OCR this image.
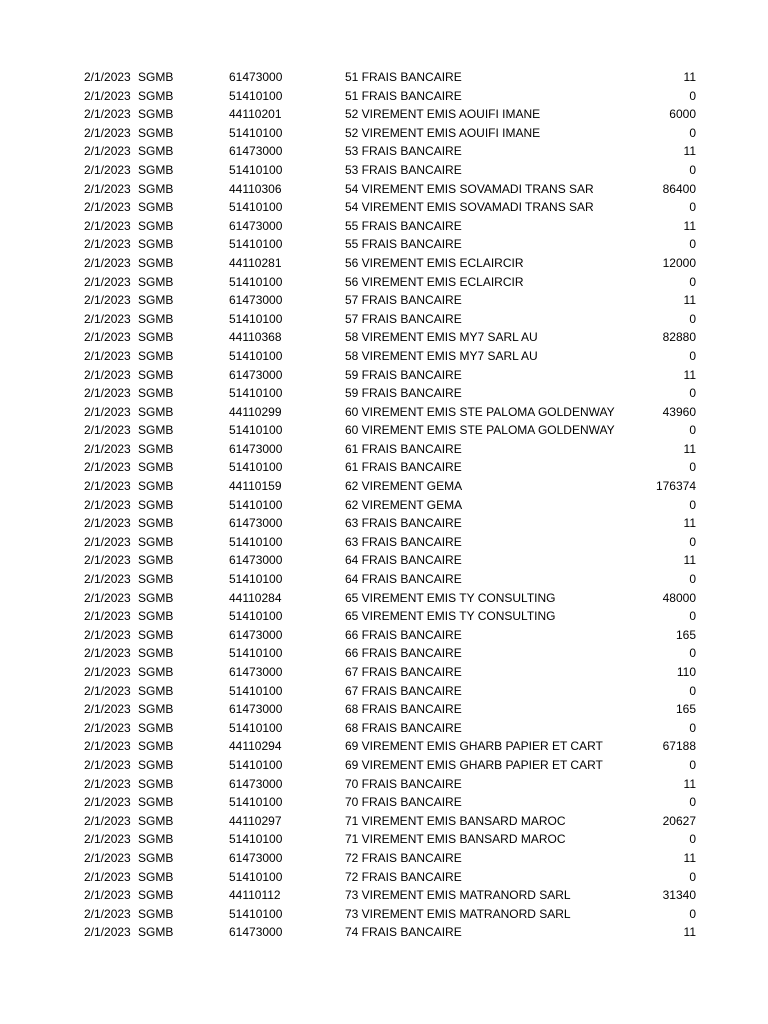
2/1/2023 SGMB	61473000	51 FRAIS BANCAIRE	11
2/1/2023 SGMB	51410100	51 FRAIS BANCAIRE	0
2/1/2023 SGMB	44110201	52 VIREMENT EMIS AOUIFI IMANE	6000
2/1/2023 SGMB	51410100	52 VIREMENT EMIS AOUIFI IMANE	0
2/1/2023 SGMB	61473000	53 FRAIS BANCAIRE	11
2/1/2023 SGMB	51410100	53 FRAIS BANCAIRE	0
2/1/2023 SGMB	44110306	54 VIREMENT EMIS SOVAMADI TRANS SAR	86400
2/1/2023 SGMB	51410100	54 VIREMENT EMIS SOVAMADI TRANS SAR	0
2/1/2023 SGMB	61473000	55 FRAIS BANCAIRE	11
2/1/2023 SGMB	51410100	55 FRAIS BANCAIRE	0
2/1/2023 SGMB	44110281	56 VIREMENT EMIS ECLAIRCIR	12000
2/1/2023 SGMB	51410100	56 VIREMENT EMIS ECLAIRCIR	0
2/1/2023 SGMB	61473000	57 FRAIS BANCAIRE	11
2/1/2023 SGMB	51410100	57 FRAIS BANCAIRE	0
2/1/2023 SGMB	44110368	58 VIREMENT EMIS MY7 SARL AU	82880
2/1/2023 SGMB	51410100	58 VIREMENT EMIS MY7 SARL AU	0
2/1/2023 SGMB	61473000	59 FRAIS BANCAIRE	11
2/1/2023 SGMB	51410100	59 FRAIS BANCAIRE	0
2/1/2023 SGMB	44110299	60 VIREMENT EMIS STE PALOMA GOLDENWAY	43960
2/1/2023 SGMB	51410100	60 VIREMENT EMIS STE PALOMA GOLDENWAY	0
2/1/2023 SGMB	61473000	61 FRAIS BANCAIRE	11
2/1/2023 SGMB	51410100	61 FRAIS BANCAIRE	0
2/1/2023 SGMB	44110159	62 VIREMENT GEMA	176374
2/1/2023 SGMB	51410100	62 VIREMENT GEMA	0
2/1/2023 SGMB	61473000	63 FRAIS BANCAIRE	11
2/1/2023 SGMB	51410100	63 FRAIS BANCAIRE	0
2/1/2023 SGMB	61473000	64 FRAIS BANCAIRE	11
2/1/2023 SGMB	51410100	64 FRAIS BANCAIRE	0
2/1/2023 SGMB	44110284	65 VIREMENT EMIS TY CONSULTING	48000
2/1/2023 SGMB	51410100	65 VIREMENT EMIS TY CONSULTING	0
2/1/2023 SGMB	61473000	66 FRAIS BANCAIRE	165
2/1/2023 SGMB	51410100	66 FRAIS BANCAIRE	0
2/1/2023 SGMB	61473000	67 FRAIS BANCAIRE	110
2/1/2023 SGMB	51410100	67 FRAIS BANCAIRE	0
2/1/2023 SGMB	61473000	68 FRAIS BANCAIRE	165
2/1/2023 SGMB	51410100	68 FRAIS BANCAIRE	0
2/1/2023 SGMB	44110294	69 VIREMENT EMIS GHARB PAPIER ET CART	67188
2/1/2023 SGMB	51410100	69 VIREMENT EMIS GHARB PAPIER ET CART	0
2/1/2023 SGMB	61473000	70 FRAIS BANCAIRE	11
2/1/2023 SGMB	51410100	70 FRAIS BANCAIRE	0
2/1/2023 SGMB	44110297	71 VIREMENT EMIS BANSARD MAROC	20627
2/1/2023 SGMB	51410100	71 VIREMENT EMIS BANSARD MAROC	0
2/1/2023 SGMB	61473000	72 FRAIS BANCAIRE	11
2/1/2023 SGMB	51410100	72 FRAIS BANCAIRE	0
2/1/2023 SGMB	44110112	73 VIREMENT EMIS MATRANORD SARL	31340
2/1/2023 SGMB	51410100	73 VIREMENT EMIS MATRANORD SARL	0
2/1/2023 SGMB	61473000	74 FRAIS BANCAIRE	11
